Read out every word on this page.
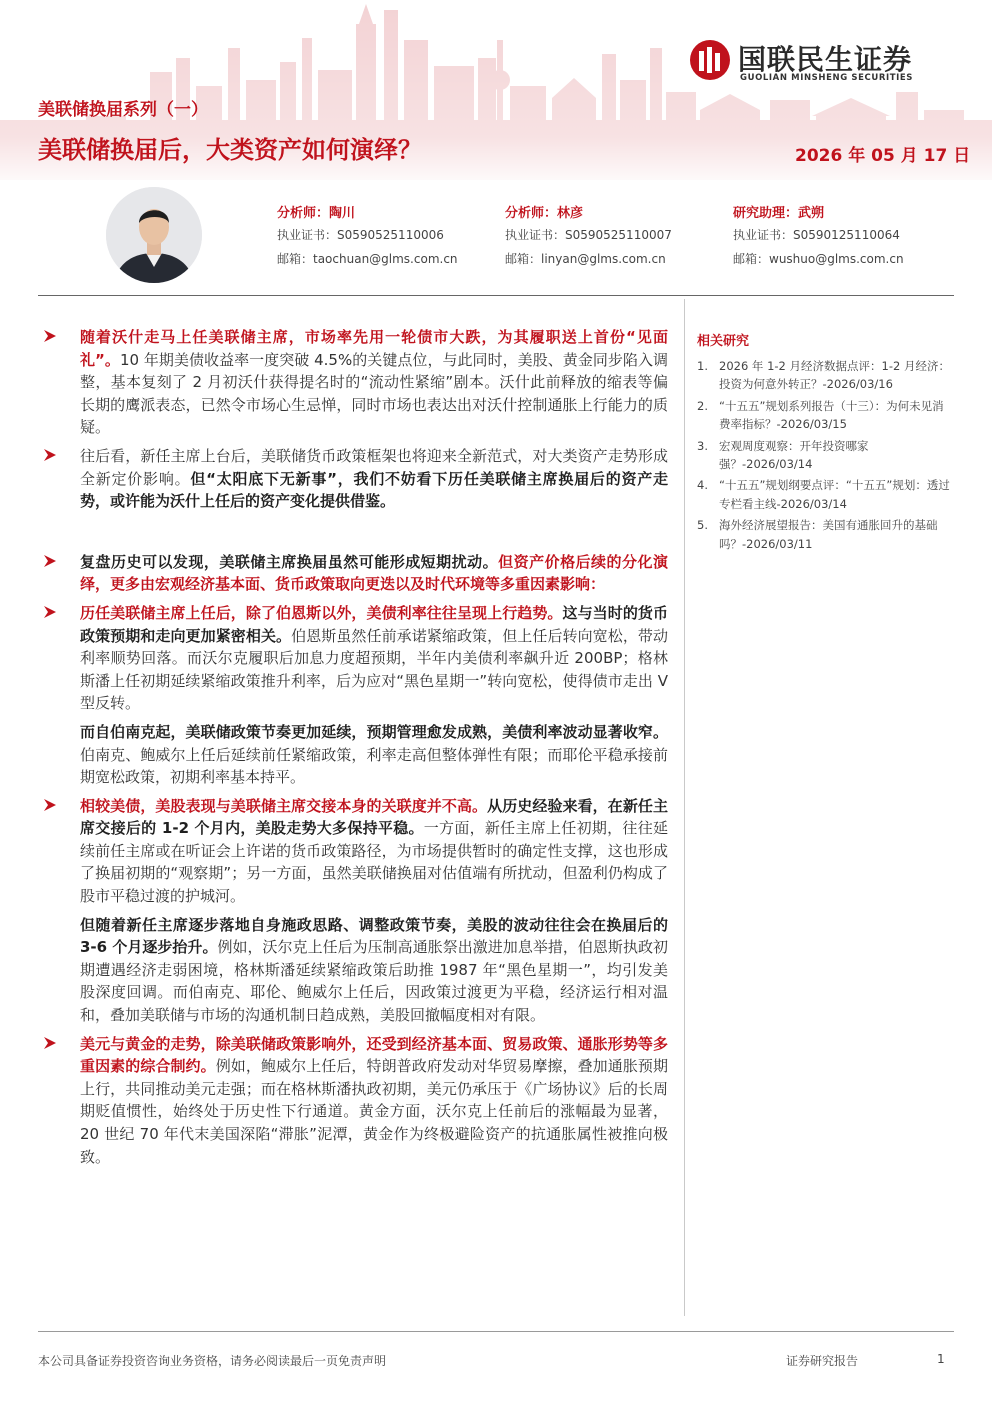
国联民生证券
GUOLIAN MINSHENG SECURITIES
美联储换届系列（一）
美联储换届后，大类资产如何演绎？	2026 年 05 月 17 日
分析师：陶川
执业证书：S0590525110006
邮箱：taochuan@glms.com.cn
分析师：林彦
执业证书：S0590525110007
邮箱：linyan@glms.com.cn
研究助理：武朔
执业证书：S0590125110064
邮箱：wushuo@glms.com.cn
随着沃什走马上任美联储主席，市场率先用一轮债市大跌，为其履职送上首份“见面礼”。10 年期美债收益率一度突破 4.5%的关键点位，与此同时，美股、黄金同步陷入调整，基本复刻了 2 月初沃什获得提名时的“流动性紧缩”剧本。沃什此前释放的缩表等偏长期的鹰派表态，已然令市场心生忌惮，同时市场也表达出对沃什控制通胀上行能力的质疑。
往后看，新任主席上台后，美联储货币政策框架也将迎来全新范式，对大类资产走势形成全新定价影响。但“太阳底下无新事”，我们不妨看下历任美联储主席换届后的资产走势，或许能为沃什上任后的资产变化提供借鉴。
复盘历史可以发现，美联储主席换届虽然可能形成短期扰动。但资产价格后续的分化演绎，更多由宏观经济基本面、货币政策取向更迭以及时代环境等多重因素影响：
历任美联储主席上任后，除了伯恩斯以外，美债利率往往呈现上行趋势。这与当时的货币政策预期和走向更加紧密相关。伯恩斯虽然任前承诺紧缩政策，但上任后转向宽松，带动利率顺势回落。而沃尔克履职后加息力度超预期，半年内美债利率飙升近 200BP；格林斯潘上任初期延续紧缩政策推升利率，后为应对“黑色星期一”转向宽松，使得债市走出 V 型反转。
而自伯南克起，美联储政策节奏更加延续，预期管理愈发成熟，美债利率波动显著收窄。伯南克、鲍威尔上任后延续前任紧缩政策，利率走高但整体弹性有限；而耶伦平稳承接前期宽松政策，初期利率基本持平。
相较美债，美股表现与美联储主席交接本身的关联度并不高。从历史经验来看，在新任主席交接后的 1-2 个月内，美股走势大多保持平稳。一方面，新任主席上任初期，往往延续前任主席或在听证会上许诺的货币政策路径，为市场提供暂时的确定性支撑，这也形成了换届初期的“观察期”；另一方面，虽然美联储换届对估值端有所扰动，但盈利仍构成了股市平稳过渡的护城河。
但随着新任主席逐步落地自身施政思路、调整政策节奏，美股的波动往往会在换届后的 3-6 个月逐步抬升。例如，沃尔克上任后为压制高通胀祭出激进加息举措，伯恩斯执政初期遭遇经济走弱困境，格林斯潘延续紧缩政策后助推 1987 年“黑色星期一”，均引发美股深度回调。而伯南克、耶伦、鲍威尔上任后，因政策过渡更为平稳，经济运行相对温和，叠加美联储与市场的沟通机制日趋成熟，美股回撤幅度相对有限。
美元与黄金的走势，除美联储政策影响外，还受到经济基本面、贸易政策、通胀形势等多重因素的综合制约。例如，鲍威尔上任后，特朗普政府发动对华贸易摩擦，叠加通胀预期上行，共同推动美元走强；而在格林斯潘执政初期，美元仍承压于《广场协议》后的长周期贬值惯性，始终处于历史性下行通道。黄金方面，沃尔克上任前后的涨幅最为显著，20 世纪 70 年代末美国深陷“滞胀”泥潭，黄金作为终极避险资产的抗通胀属性被推向极致。
相关研究
1. 2026 年 1-2 月经济数据点评：1-2 月经济：投资为何意外转正？-2026/03/16
2. “十五五”规划系列报告（十三）：为何未见消费率指标？-2026/03/15
3. 宏观周度观察：开年投资哪家强？-2026/03/14
4. “十五五”规划纲要点评：“十五五”规划：透过专栏看主线-2026/03/14
5. 海外经济展望报告：美国有通胀回升的基础吗？-2026/03/11
本公司具备证券投资咨询业务资格，请务必阅读最后一页免责声明	证券研究报告	1
